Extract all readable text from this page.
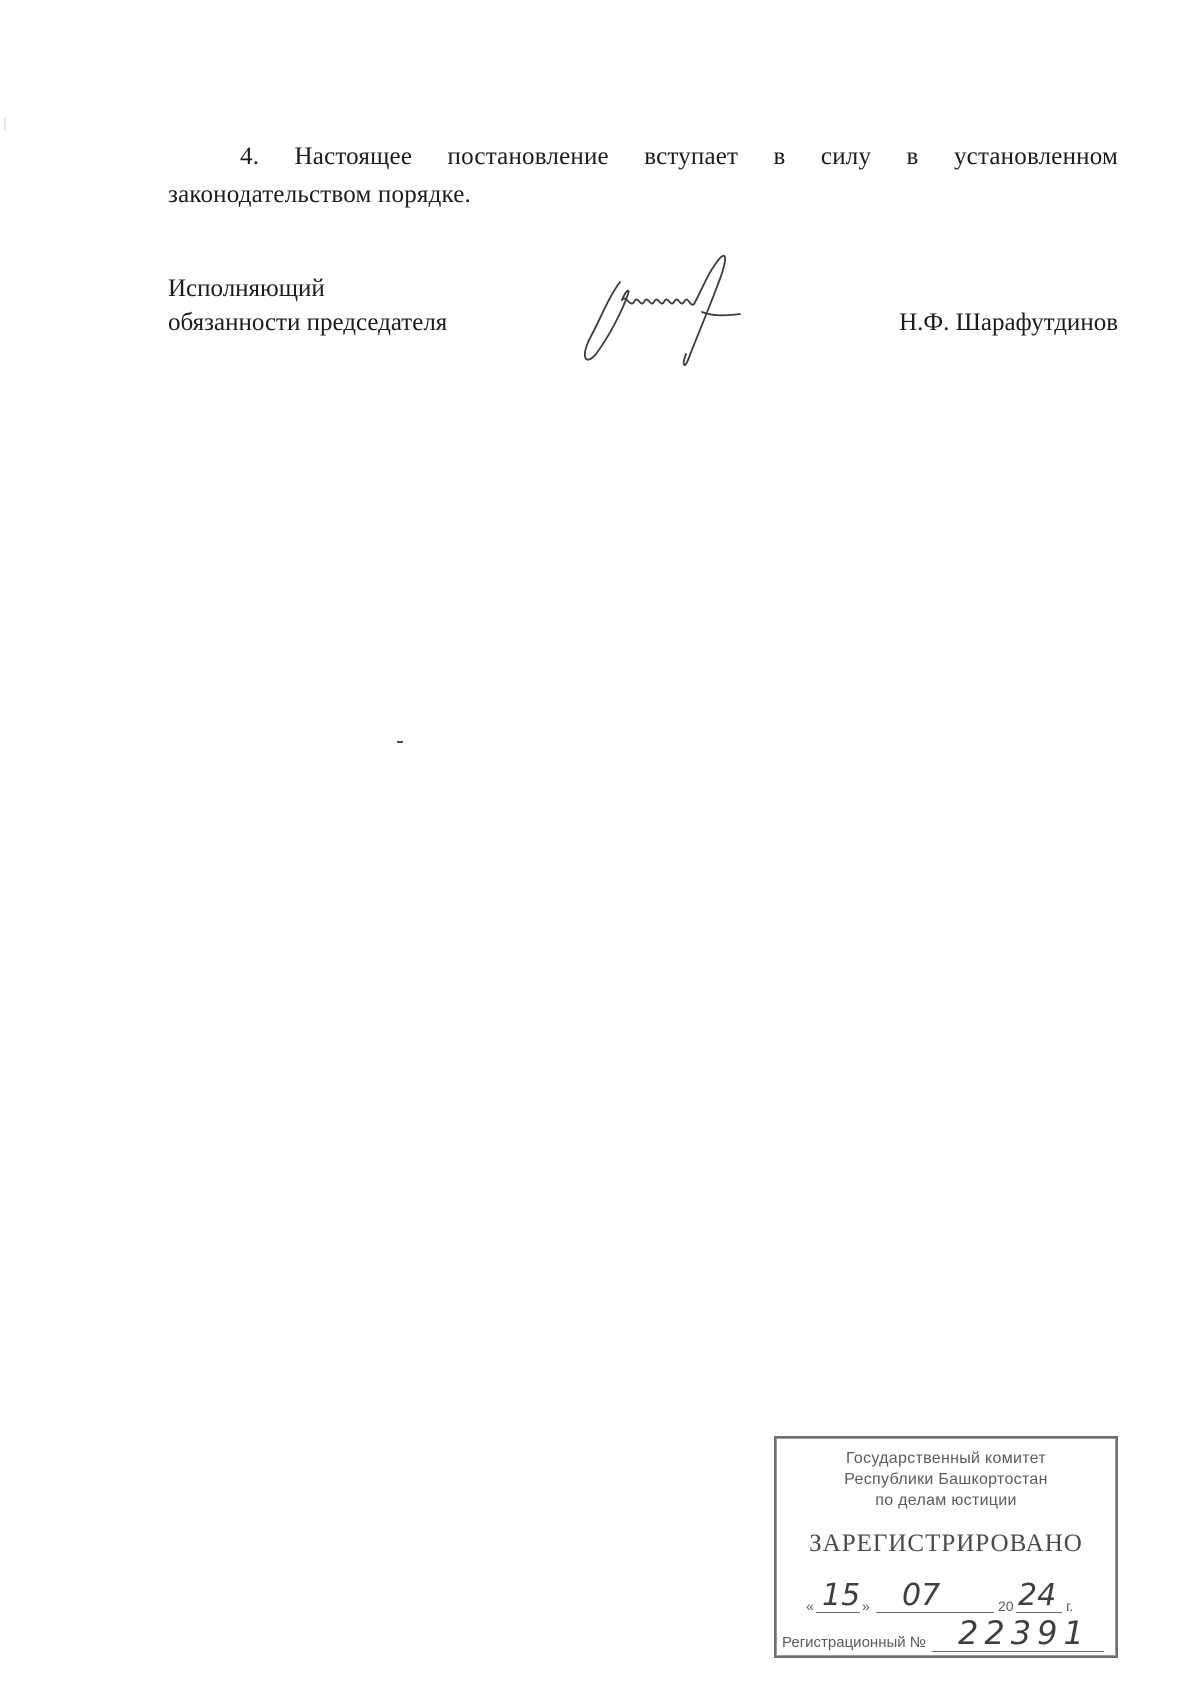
4. Настоящее постановление вступает в силу в установленном
законодательством порядке.
Исполняющий
обязанности председателя	Н.Ф. Шарафутдинов
Государственный комитет
Республики Башкортостан
по делам юстиции
ЗАРЕГИСТРИРОВАНО
« 15 » 07	20 24 г.
Регистрационный № 22391
